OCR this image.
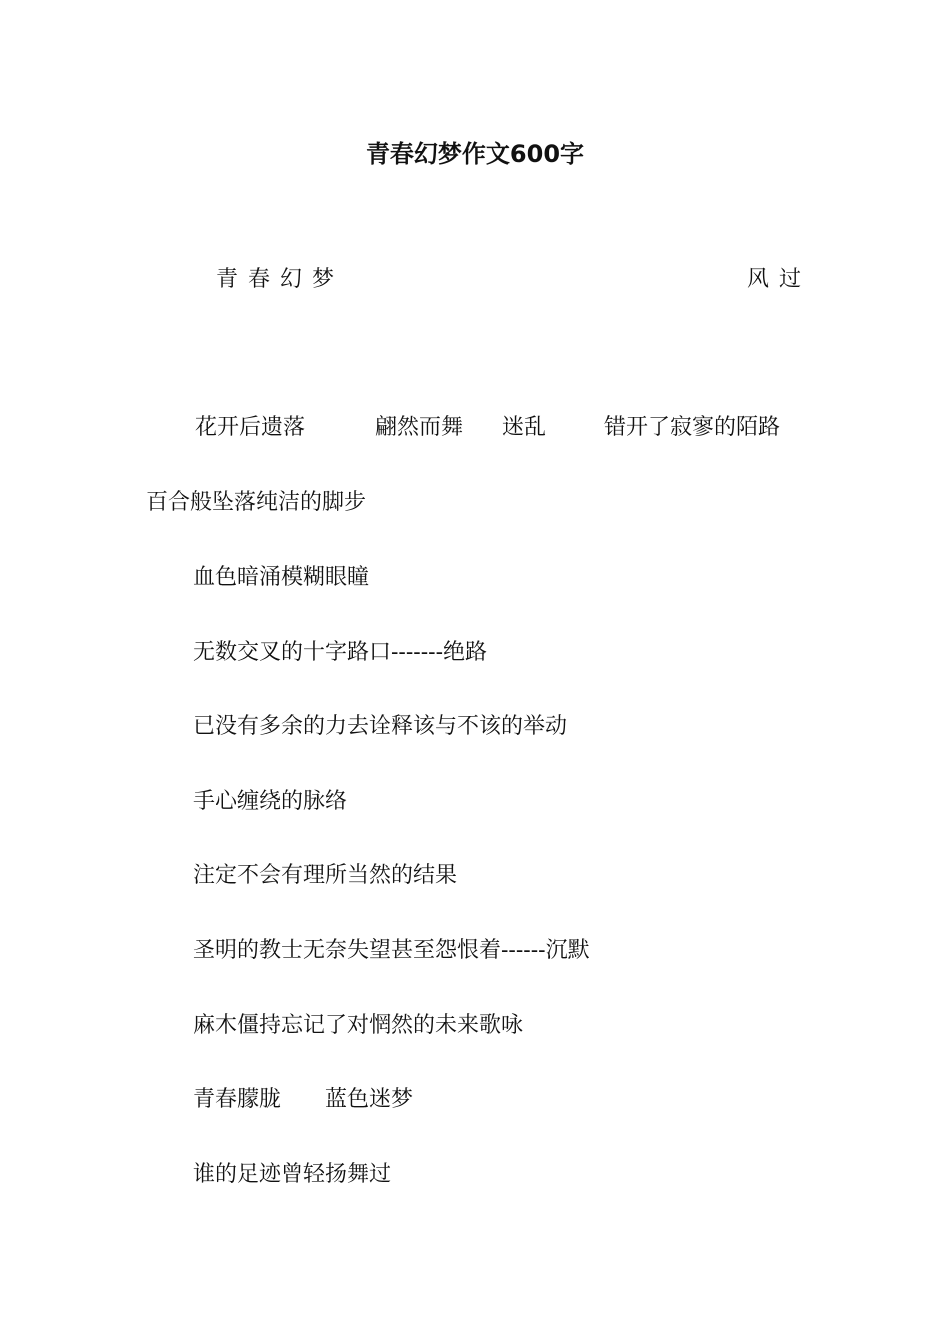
青春幻梦作文600字
青春幻梦	风过
花开后遗落	翩然而舞 迷乱	错开了寂寥的陌路
百合般坠落纯洁的脚步
血色暗涌模糊眼瞳
无数交叉的十字路口-------绝路
已没有多余的力去诠释该与不该的举动
手心缠绕的脉络
注定不会有理所当然的结果
圣明的教士无奈失望甚至怨恨着------沉默
麻木僵持忘记了对惘然的未来歌咏
青春朦胧　　蓝色迷梦
谁的足迹曾轻扬舞过
